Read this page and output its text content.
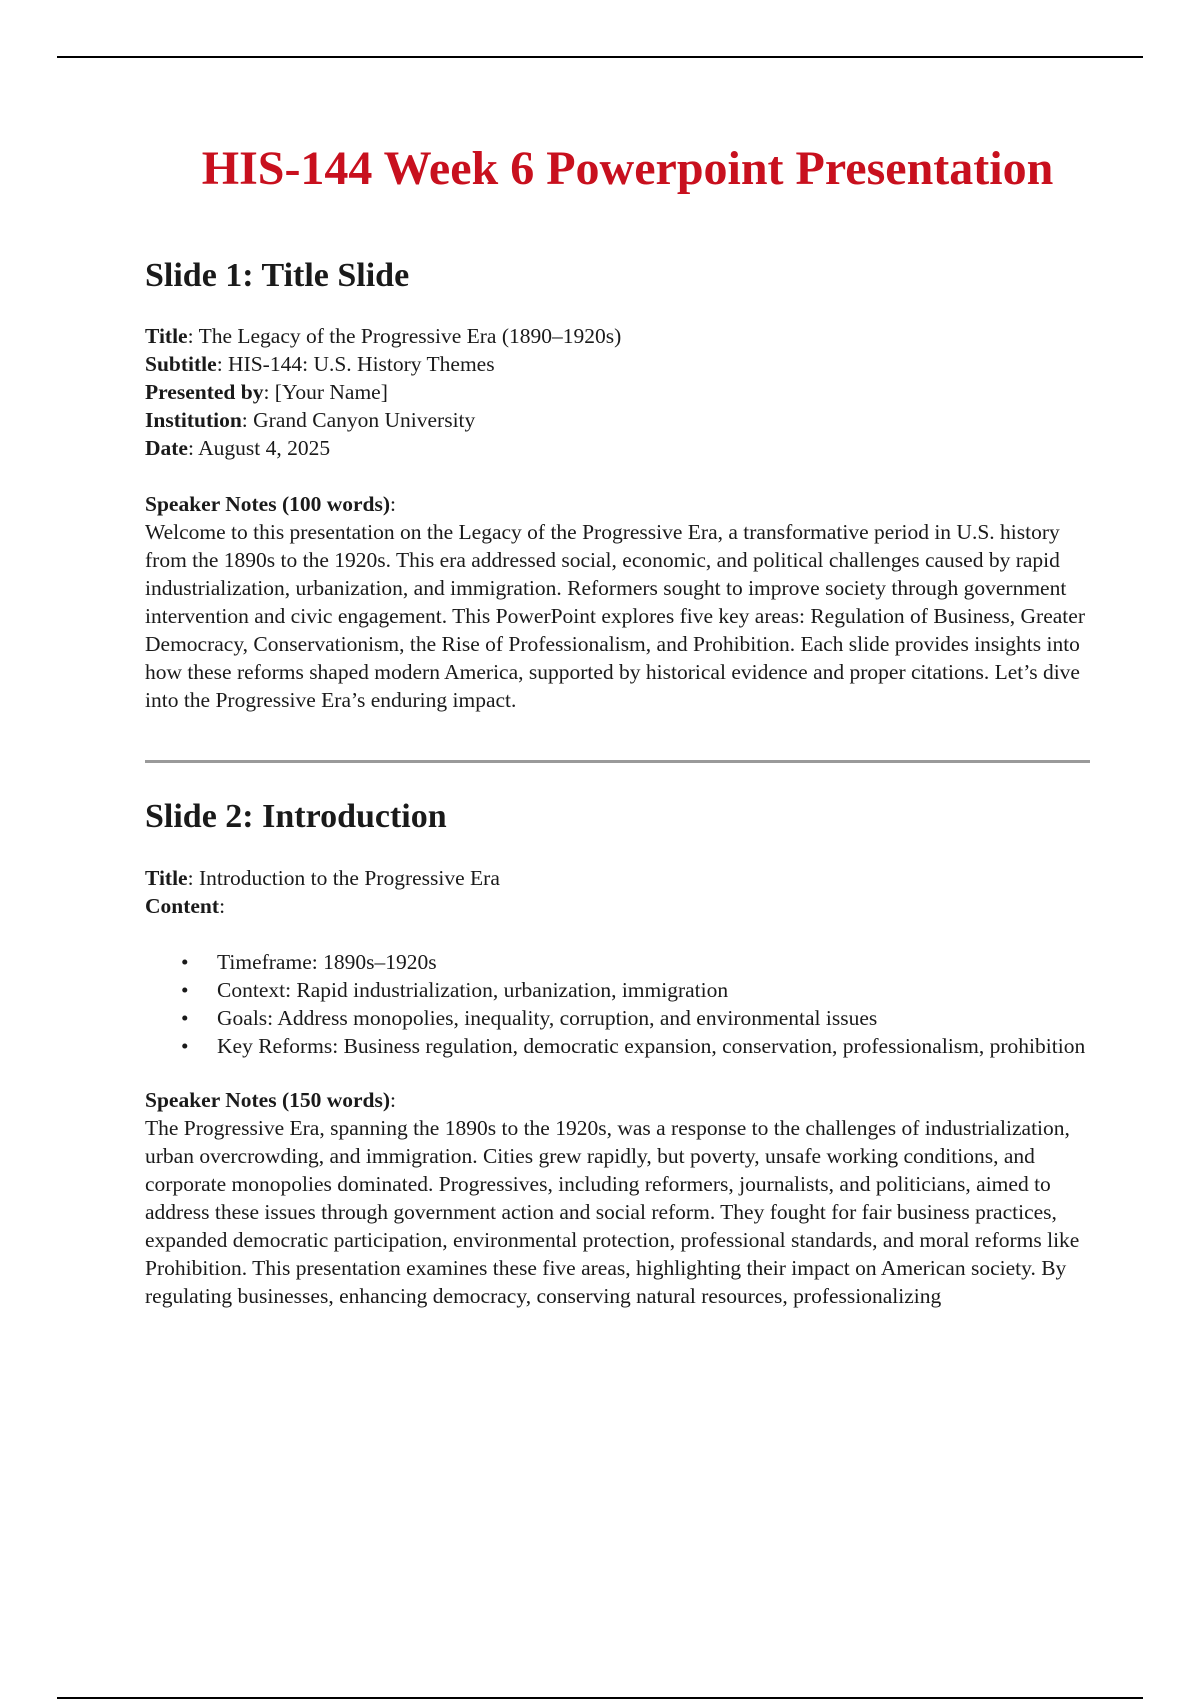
HIS-144 Week 6 Powerpoint Presentation
Slide 1: Title Slide

Title: The Legacy of the Progressive Era (1890–1920s)

Subtitle: HIS-144: U.S. History Themes

Presented by: [Your Name]

Institution: Grand Canyon University

Date: August 4, 2025

Speaker Notes (100 words):

Welcome to this presentation on the Legacy of the Progressive Era, a transformative period in U.S. history from the 1890s to the 1920s. This era addressed social, economic, and political challenges caused by rapid industrialization, urbanization, and immigration. Reformers sought to improve society through government intervention and civic engagement. This PowerPoint explores five key areas: Regulation of Business, Greater Democracy, Conservationism, the Rise of Professionalism, and Prohibition. Each slide provides insights into how these reforms shaped modern America, supported by historical evidence and proper citations. Let’s dive into the Progressive Era’s enduring impact.

Slide 2: Introduction

Title: Introduction to the Progressive Era

Content:

• Timeframe: 1890s–1920s
• Context: Rapid industrialization, urbanization, immigration
• Goals: Address monopolies, inequality, corruption, and environmental issues
• Key Reforms: Business regulation, democratic expansion, conservation, professionalism, prohibition

Speaker Notes (150 words):

The Progressive Era, spanning the 1890s to the 1920s, was a response to the challenges of industrialization, urban overcrowding, and immigration. Cities grew rapidly, but poverty, unsafe working conditions, and corporate monopolies dominated. Progressives, including reformers, journalists, and politicians, aimed to address these issues through government action and social reform. They fought for fair business practices, expanded democratic participation, environmental protection, professional standards, and moral reforms like Prohibition. This presentation examines these five areas, highlighting their impact on American society. By regulating businesses, enhancing democracy, conserving natural resources, professionalizing
